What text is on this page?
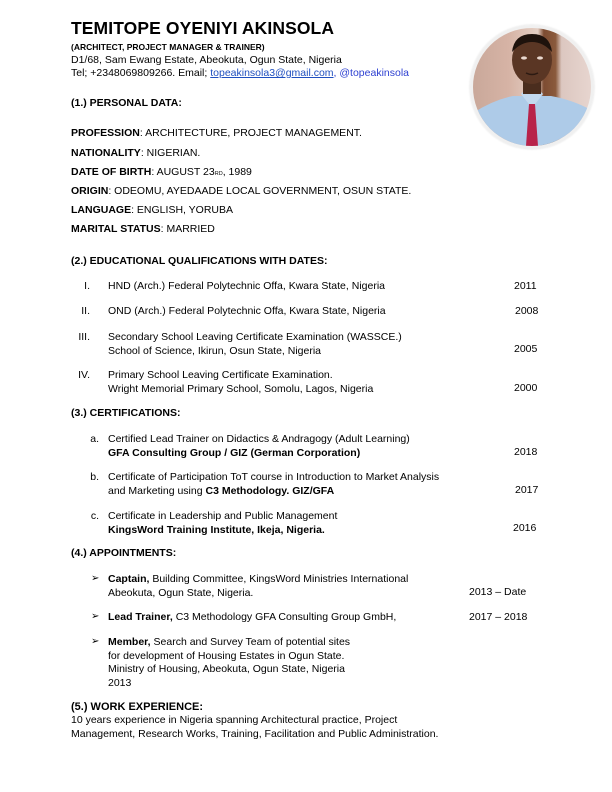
TEMITOPE OYENIYI AKINSOLA
(ARCHITECT, PROJECT MANAGER & TRAINER)
D1/68, Sam Ewang Estate, Abeokuta, Ogun State, Nigeria
Tel; +2348069809266. Email; topeakinsola3@gmail.com, @topeakinsola
(1.) PERSONAL DATA:
PROFESSION: ARCHITECTURE, PROJECT MANAGEMENT.
NATIONALITY: NIGERIAN.
DATE OF BIRTH: AUGUST 23RD, 1989
ORIGIN: ODEOMU, AYEDAADE LOCAL GOVERNMENT, OSUN STATE.
LANGUAGE: ENGLISH, YORUBA
MARITAL STATUS: MARRIED
(2.) EDUCATIONAL QUALIFICATIONS WITH DATES:
I. HND (Arch.) Federal Polytechnic Offa, Kwara State, Nigeria	2011
II. OND (Arch.) Federal Polytechnic Offa, Kwara State, Nigeria	2008
III. Secondary School Leaving Certificate Examination (WASSCE.)
School of Science, Ikirun, Osun State, Nigeria	2005
IV. Primary School Leaving Certificate Examination.
Wright Memorial Primary School, Somolu, Lagos, Nigeria	2000
(3.) CERTIFICATIONS:
a. Certified Lead Trainer on Didactics & Andragogy (Adult Learning)
GFA Consulting Group / GIZ (German Corporation)	2018
b. Certificate of Participation ToT course in Introduction to Market Analysis
and Marketing using C3 Methodology. GIZ/GFA	2017
c. Certificate in Leadership and Public Management
KingsWord Training Institute, Ikeja, Nigeria.	2016
(4.) APPOINTMENTS:
➢ Captain, Building Committee, KingsWord Ministries International
Abeokuta, Ogun State, Nigeria.	2013 – Date
➢ Lead Trainer, C3 Methodology GFA Consulting Group GmbH,	2017 – 2018
➢ Member, Search and Survey Team of potential sites
for development of Housing Estates in Ogun State.
Ministry of Housing, Abeokuta, Ogun State, Nigeria
2013
(5.) WORK EXPERIENCE:
10 years experience in Nigeria spanning Architectural practice, Project
Management, Research Works, Training, Facilitation and Public Administration.
